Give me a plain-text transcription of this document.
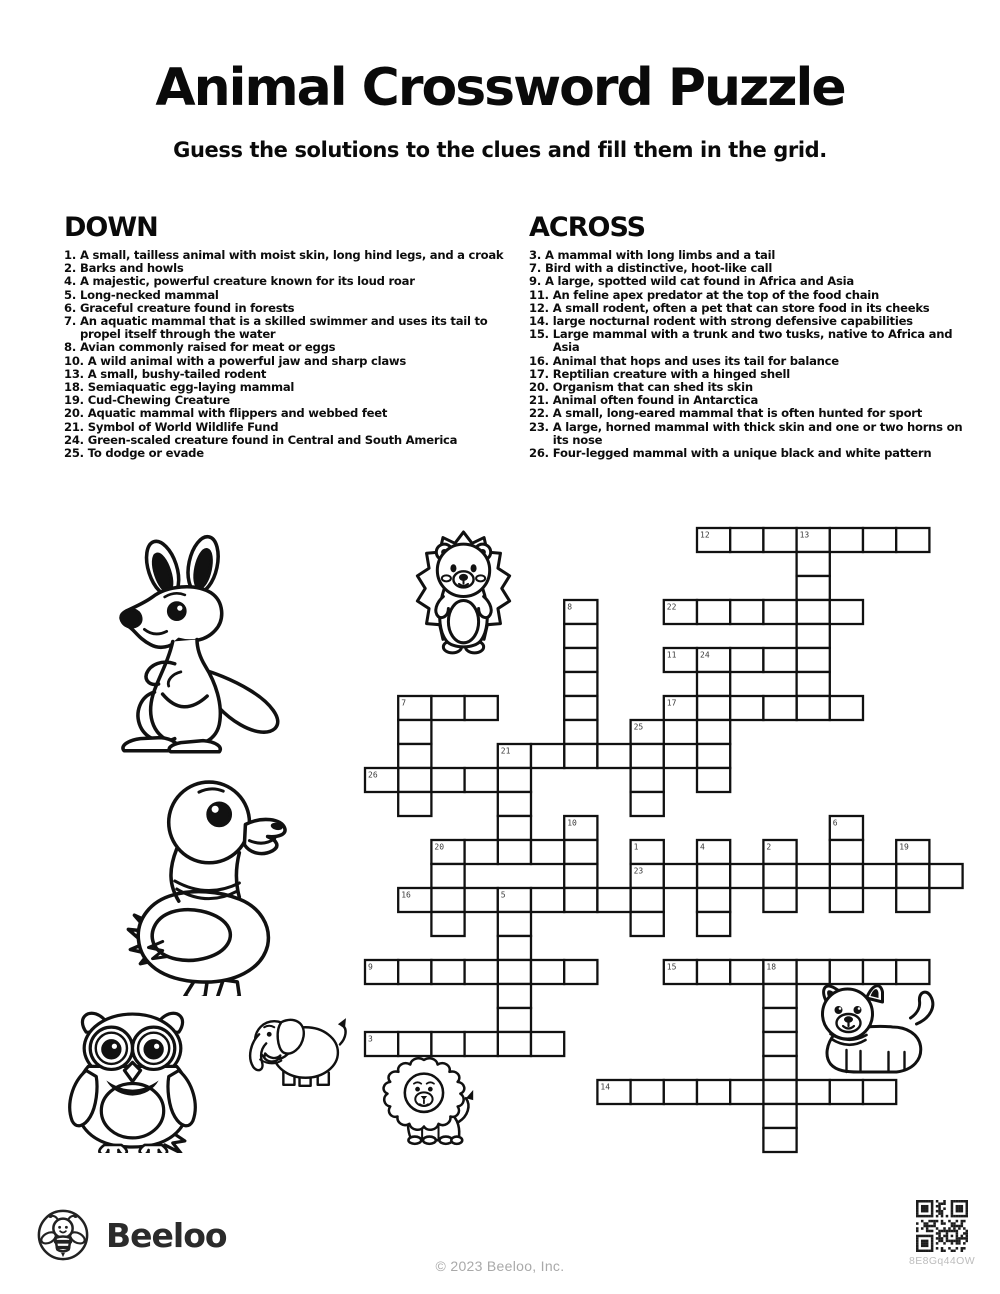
Animal Crossword Puzzle

Guess the solutions to the clues and fill them in the grid.

DOWN
1. A small, tailless animal with moist skin, long hind legs, and a croak
2. Barks and howls
4. A majestic, powerful creature known for its loud roar
5. Long-necked mammal
6. Graceful creature found in forests
7. An aquatic mammal that is a skilled swimmer and uses its tail to propel itself through the water
8. Avian commonly raised for meat or eggs
10. A wild animal with a powerful jaw and sharp claws
13. A small, bushy-tailed rodent
18. Semiaquatic egg-laying mammal
19. Cud-Chewing Creature
20. Aquatic mammal with flippers and webbed feet
21. Symbol of World Wildlife Fund
24. Green-scaled creature found in Central and South America
25. To dodge or evade
ACROSS
3. A mammal with long limbs and a tail
7. Bird with a distinctive, hoot-like call
9. A large, spotted wild cat found in Africa and Asia
11. An feline apex predator at the top of the food chain
12. A small rodent, often a pet that can store food in its cheeks
14. large nocturnal rodent with strong defensive capabilities
15. Large mammal with a trunk and two tusks, native to Africa and Asia
16. Animal that hops and uses its tail for balance
17. Reptilian creature with a hinged shell
20. Organism that can shed its skin
21. Animal often found in Antarctica
22. A small, long-eared mammal that is often hunted for sport
23. A large, horned mammal with thick skin and one or two horns on its nose
26. Four-legged mammal with a unique black and white pattern
12	13
8	22
11	24
7	17
25
21
26
10	6
20	1	4	2	19
23
16	5
9	15	18
3
14
Beeloo
© 2023 Beeloo, Inc.	8E8Gq44OW
